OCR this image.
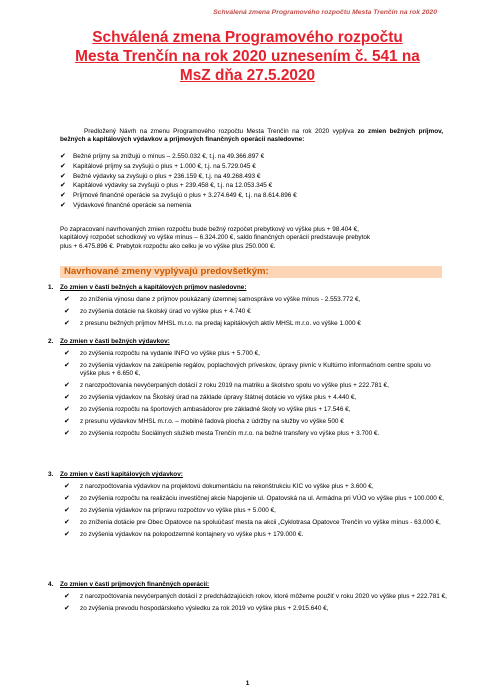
Schválená zmena Programového rozpočtu Mesta Trenčín na rok 2020
Schválená zmena Programového rozpočtu
Mesta Trenčín na rok 2020 uznesením č. 541 na
MsZ dňa 27.5.2020
Predložený Návrh na zmenu Programového rozpočtu Mesta Trenčín na rok 2020 vyplýva zo zmien bežných príjmov, bežných a kapitálových výdavkov a príjmových finančných operácií nasledovne:
✔ Bežné príjmy sa znižujú o mínus – 2.550.032 €, t.j. na 49.366.897 €
✔ Kapitálové príjmy sa zvyšujú o plus + 1.000 €, t.j. na 5.729.045 €
✔ Bežné výdavky sa zvyšujú o plus + 236.159 €, t.j. na 49.268.493 €
✔ Kapitálové výdavky sa zvyšujú o plus + 239.458 €, t.j. na 12.053.345 €
✔ Príjmové finančné operácie sa zvyšujú o plus + 3.274.649 €, t.j. na 8.614.896 €
✔ Výdavkové finančné operácie sa nemenia
Po zapracovaní navrhovaných zmien rozpočtu bude bežný rozpočet prebytkový vo výške plus + 98.404 €,
kapitálový rozpočet schodkový vo výške mínus – 6.324.200 €, saldo finančných operácií predstavuje prebytok
plus + 6.475.896 €. Prebytok rozpočtu ako celku je vo výške plus 250.000 €.
Navrhované zmeny vyplývajú predovšetkým:
1. Zo zmien v časti bežných a kapitálových príjmov nasledovne:
✔ zo zníženia výnosu dane z príjmov poukázaný územnej samospráve vo výške mínus - 2.553.772 €,
✔ zo zvýšenia dotácie na školský úrad vo výške plus + 4.740 €
✔ z presunu bežných príjmov MHSL m.r.o. na predaj kapitálových aktív MHSL m.r.o. vo výške 1.000 €
2. Zo zmien v časti bežných výdavkov:
✔ zo zvýšenia rozpočtu na vydanie INFO vo výške plus + 5.700 €,
✔ zo zvýšenia výdavkov na zakúpenie regálov, poplachových príveskov, úpravy pivníc v Kultúrno informačnom centre spolu vo výške plus + 6.650 €,
✔ z narozpočtovania nevyčerpaných dotácií z roku 2019 na matriku a školstvo spolu vo výške plus + 222.781 €,
✔ zo zvýšenia výdavkov na Školský úrad na základe úpravy štátnej dotácie vo výške plus + 4.440 €,
✔ zo zvýšenia rozpočtu na športových ambasádorov pre základné školy vo výške plus + 17.546 €,
✔ z presunu výdavkov MHSL m.r.o. – mobilné ľadová plocha z údržby na služby vo výške 500 €
✔ zo zvýšenia rozpočtu Sociálnych služieb mesta Trenčín m.r.o. na bežné transfery vo výške plus + 3.700 €.
3. Zo zmien v časti kapitálových výdavkov:
✔ z narozpočtovania výdavkov na projektovú dokumentáciu na rekonštrukciu KIC vo výške plus + 3.600 €,
✔ zo zvýšenia rozpočtu na realizáciu investičnej akcie Napojenie ul. Opatovská na ul. Armádna pri VÚO vo výške plus + 100.000 €,
✔ zo zvýšenia výdavkov na prípravu rozpočtov vo výške plus + 5.000 €,
✔ zo zníženia dotácie pre Obec Opatovce na spoluúčasť mesta na akcii „Cyklotrasa Opatovce Trenčín vo výške mínus - 63.000 €,
✔ zo zvýšenia výdavkov na polopodzemné kontajnery vo výške plus + 179.000 €.
4. Zo zmien v časti príjmových finančných operácií:
✔ z narozpočtovania nevyčerpaných dotácií z predchádzajúcich rokov, ktoré môžeme použiť v roku 2020 vo výške plus + 222.781 €,
✔ zo zvýšenia prevodu hospodárskeho výsledku za rok 2019 vo výške plus + 2.915.640 €,
1
